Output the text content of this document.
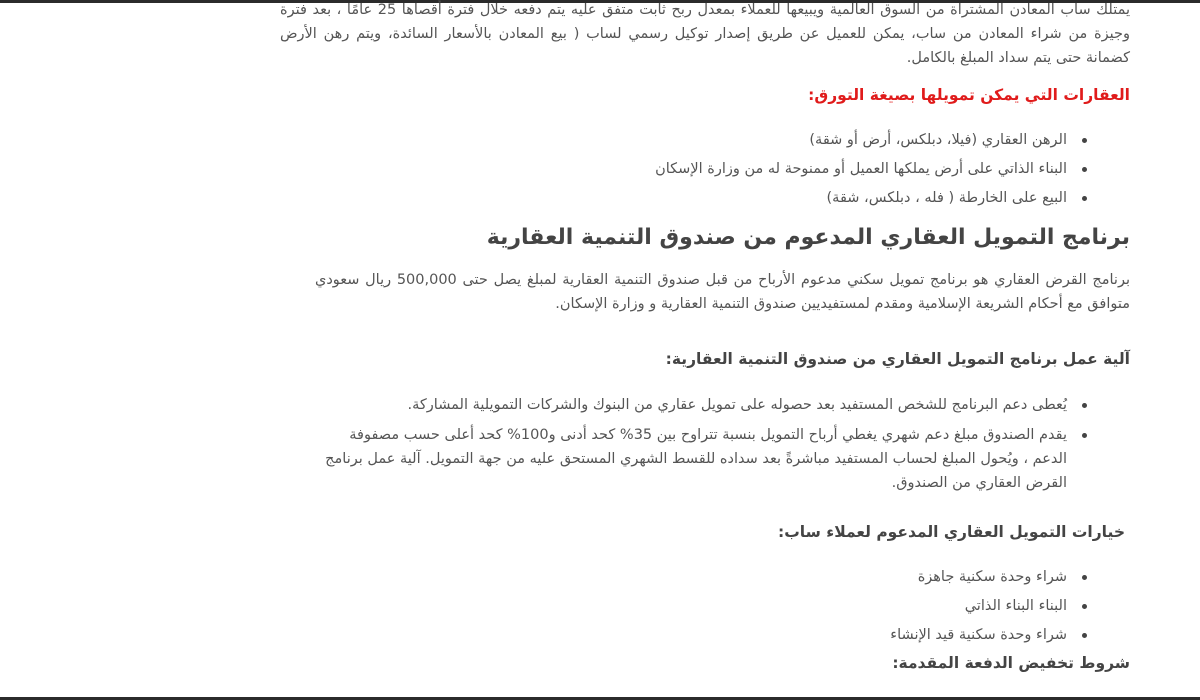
يمتلك ساب المعادن المشتراة من السوق العالمية ويبيعها للعملاء بمعدل ربح ثابت متفق عليه يتم دفعه خلال فترة أقصاها 25 عامًا ، بعد فترة وجيزة من شراء المعادن من ساب، يمكن للعميل عن طريق إصدار توكيل رسمي لساب ( بيع المعادن بالأسعار السائدة، ويتم رهن الأرض كضمانة حتى يتم سداد المبلغ بالكامل.

العقارات التي يمكن تمويلها بصيغة التورق:
الرهن العقاري (فيلا، دبلكس، أرض أو شقة)
البناء الذاتي على أرض يملكها العميل أو ممنوحة له من وزارة الإسكان
البيع على الخارطة ( فله ، دبلكس، شقة)
برنامج التمويل العقاري المدعوم من صندوق التنمية العقارية

برنامج القرض العقاري هو برنامج تمويل سكني مدعوم الأرباح من قبل صندوق التنمية العقارية لمبلغ يصل حتى 500,000 ريال سعودي متوافق مع أحكام الشريعة الإسلامية ومقدم لمستفيديين صندوق التنمية العقارية و وزارة الإسكان.

آلية عمل برنامج التمويل العقاري من صندوق التنمية العقارية:
يُعطى دعم البرنامج للشخص المستفيد بعد حصوله على تمويل عقاري من البنوك والشركات التمويلية المشاركة.
يقدم الصندوق مبلغ دعم شهري يغطي أرباح التمويل بنسبة تتراوح بين 35% كحد أدنى و100% كحد أعلى حسب مصفوفة الدعم ، ويُحول المبلغ لحساب المستفيد مباشرةً بعد سداده للقسط الشهري المستحق عليه من جهة التمويل. آلية عمل برنامج القرض العقاري من الصندوق.
خيارات التمويل العقاري المدعوم لعملاء ساب:
شراء وحدة سكنية جاهزة
البناء البناء الذاتي
شراء وحدة سكنية قيد الإنشاء
شروط تخفيض الدفعة المقدمة:
